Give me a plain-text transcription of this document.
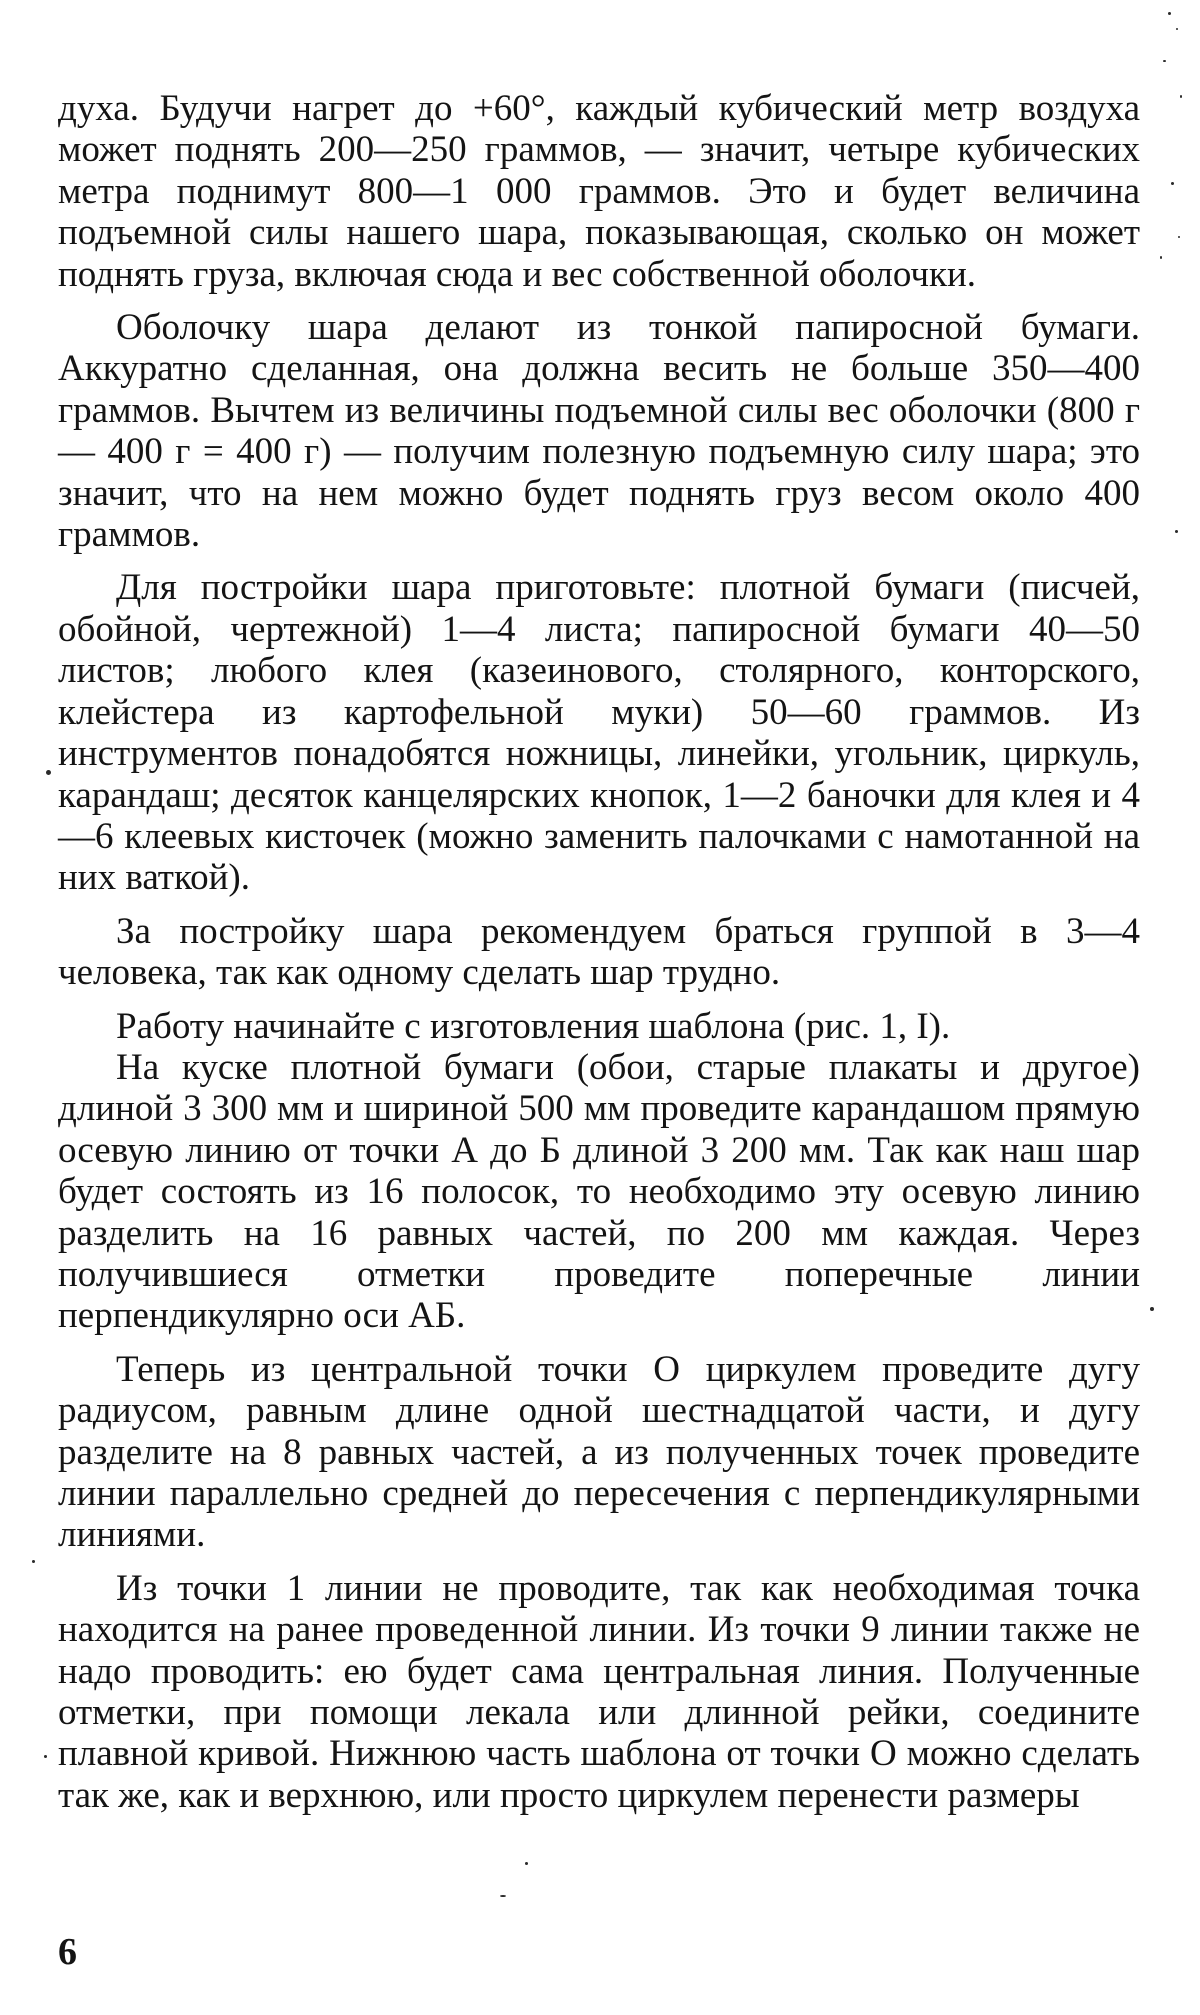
духа. Будучи нагрет до +60°, каждый кубический метр воздуха может поднять 200—250 граммов, — значит, четыре кубических метра поднимут 800—1 000 граммов. Это и будет величина подъемной силы нашего шара, показывающая, сколько он может поднять груза, включая сюда и вес собственной оболочки.

Оболочку шара делают из тонкой папиросной бумаги. Аккуратно сделанная, она должна весить не больше 350—400 граммов. Вычтем из величины подъемной силы вес оболочки (800 г — 400 г = 400 г) — получим полезную подъемную силу шара; это значит, что на нем можно будет поднять груз весом около 400 граммов.

Для постройки шара приготовьте: плотной бумаги (писчей, обойной, чертежной) 1—4 листа; папиросной бумаги 40—50 листов; любого клея (казеинового, столярного, конторского, клейстера из картофельной муки) 50—60 граммов. Из инструментов понадобятся ножницы, линейки, угольник, циркуль, карандаш; десяток канцелярских кнопок, 1—2 баночки для клея и 4—6 клеевых кисточек (можно заменить палочками с намотанной на них ваткой).

За постройку шара рекомендуем браться группой в 3—4 человека, так как одному сделать шар трудно.

Работу начинайте с изготовления шаблона (рис. 1, I).

На куске плотной бумаги (обои, старые плакаты и другое) длиной 3 300 мм и шириной 500 мм проведите карандашом прямую осевую линию от точки А до Б длиной 3 200 мм. Так как наш шар будет состоять из 16 полосок, то необходимо эту осевую линию разделить на 16 равных частей, по 200 мм каждая. Через получившиеся отметки проведите поперечные линии перпендикулярно оси АБ.

Теперь из центральной точки О циркулем проведите дугу радиусом, равным длине одной шестнадцатой части, и дугу разделите на 8 равных частей, а из полученных точек проведите линии параллельно средней до пересечения с перпендикулярными линиями.

Из точки 1 линии не проводите, так как необходимая точка находится на ранее проведенной линии. Из точки 9 линии также не надо проводить: ею будет сама центральная линия. Полученные отметки, при помощи лекала или длинной рейки, соедините плавной кривой. Нижнюю часть шаблона от точки О можно сделать так же, как и верхнюю, или просто циркулем перенести размеры

6
